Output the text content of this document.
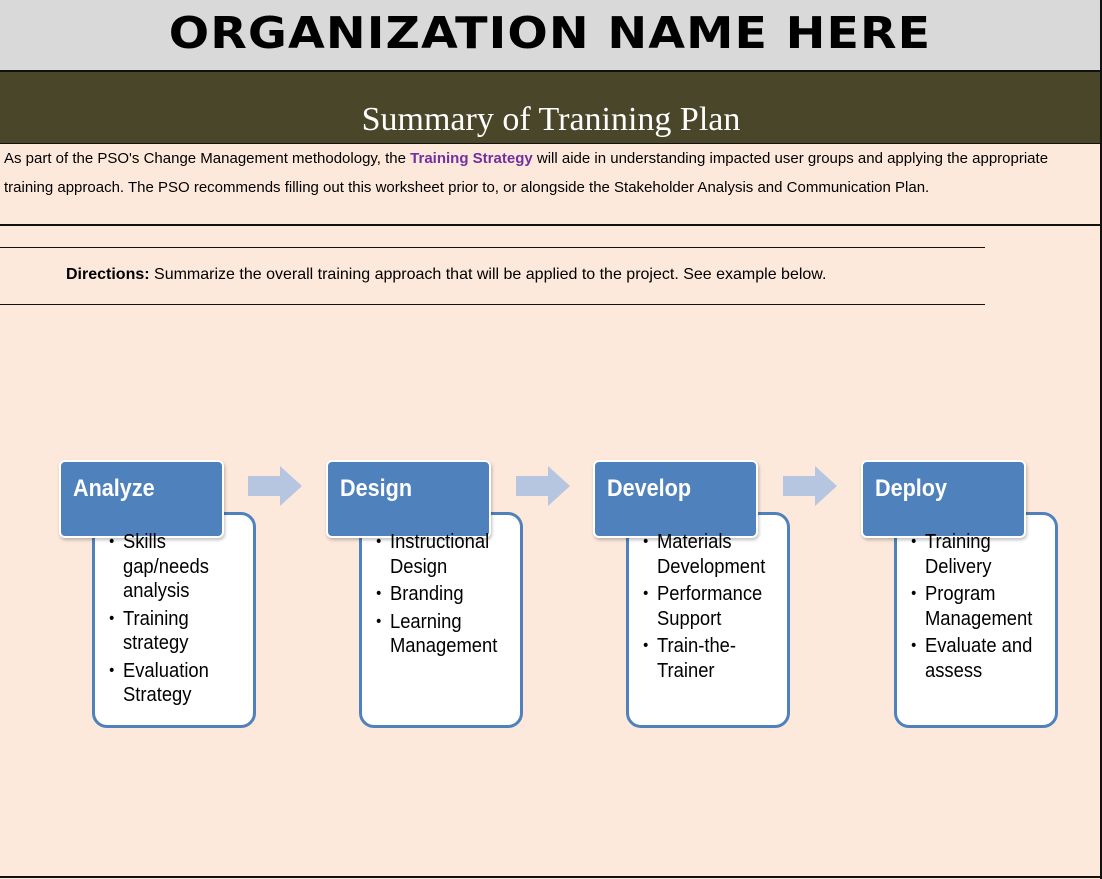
ORGANIZATION NAME HERE
Summary of Tranining Plan
As part of the PSO's Change Management methodology, the Training Strategy will aide in understanding impacted user groups and applying the appropriate training approach. The PSO recommends filling out this worksheet prior to, or alongside the Stakeholder Analysis and Communication Plan.
Directions: Summarize the overall training approach that will be applied to the project. See example below.
Analyze
• Skills gap/needs analysis
• Training strategy
• Evaluation Strategy
Design
• Instructional Design
• Branding
• Learning Management
Develop
• Materials Development
• Performance Support
• Train-the-Trainer
Deploy
• Training Delivery
• Program Management
• Evaluate and assess
